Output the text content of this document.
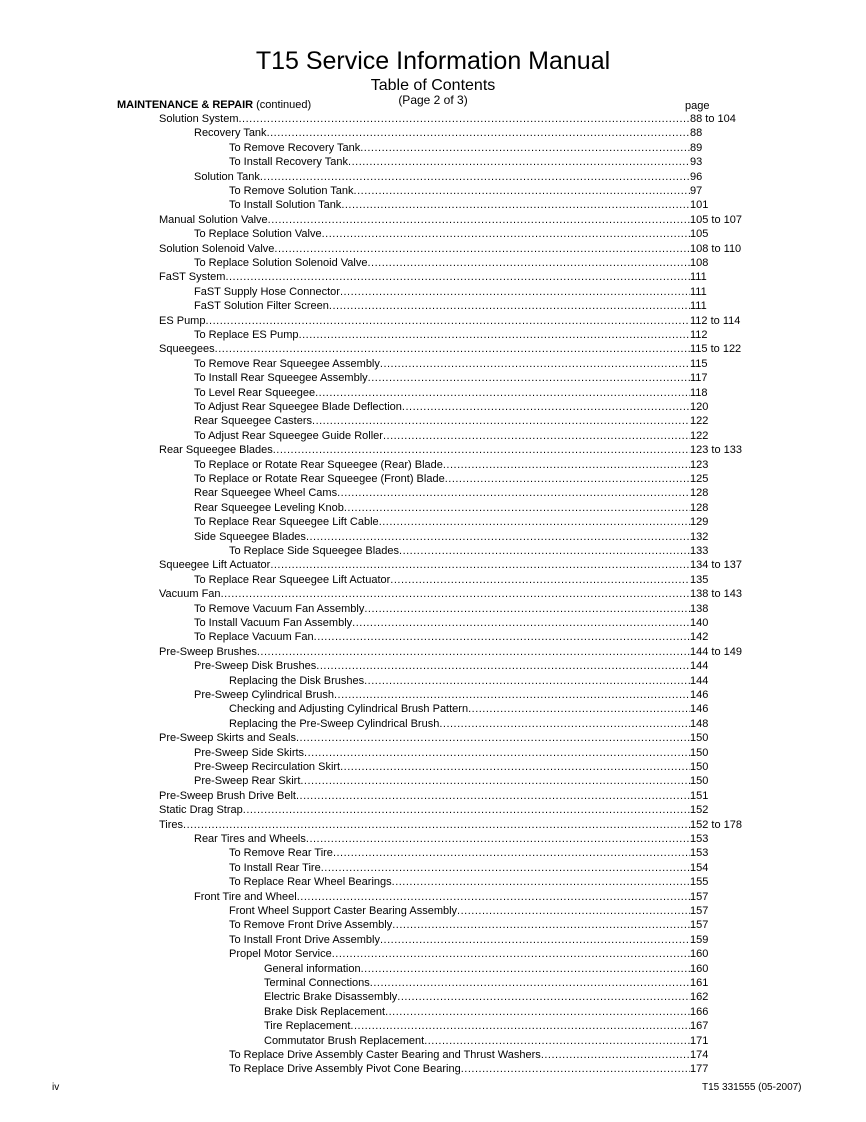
T15 Service Information Manual
Table of Contents
(Page 2 of 3)
MAINTENANCE & REPAIR (continued)	page
Solution System .....	88 to 104
Recovery Tank .....	88
To Remove Recovery Tank .....	89
To Install Recovery Tank .....	93
Solution Tank .....	96
To Remove Solution Tank .....	97
To Install Solution Tank .....	101
Manual Solution Valve .....	105 to 107
To Replace Solution Valve .....	105
Solution Solenoid Valve .....	108 to 110
To Replace Solution Solenoid Valve .....	108
FaST System .....	111
FaST Supply Hose Connector .....	111
FaST Solution Filter Screen .....	111
ES Pump .....	112 to 114
To Replace ES Pump .....	112
Squeegees .....	115 to 122
To Remove Rear Squeegee Assembly .....	115
To Install Rear Squeegee Assembly .....	117
To Level Rear Squeegee .....	118
To Adjust Rear Squeegee Blade Deflection .....	120
Rear Squeegee Casters .....	122
To Adjust Rear Squeegee Guide Roller .....	122
Rear Squeegee Blades .....	123 to 133
To Replace or Rotate Rear Squeegee (Rear) Blade .....	123
To Replace or Rotate Rear Squeegee (Front) Blade .....	125
Rear Squeegee Wheel Cams .....	128
Rear Squeegee Leveling Knob .....	128
To Replace Rear Squeegee Lift Cable .....	129
Side Squeegee Blades .....	132
To Replace Side Squeegee Blades .....	133
Squeegee Lift Actuator .....	134 to 137
To Replace Rear Squeegee Lift Actuator .....	135
Vacuum Fan .....	138 to 143
To Remove Vacuum Fan Assembly .....	138
To Install Vacuum Fan Assembly .....	140
To Replace Vacuum Fan .....	142
Pre-Sweep Brushes .....	144 to 149
Pre-Sweep Disk Brushes .....	144
Replacing the Disk Brushes .....	144
Pre-Sweep Cylindrical Brush .....	146
Checking and Adjusting Cylindrical Brush Pattern .....	146
Replacing the Pre-Sweep Cylindrical Brush .....	148
Pre-Sweep Skirts and Seals .....	150
Pre-Sweep Side Skirts .....	150
Pre-Sweep Recirculation Skirt .....	150
Pre-Sweep Rear Skirt .....	150
Pre-Sweep Brush Drive Belt .....	151
Static Drag Strap .....	152
Tires .....	152 to 178
Rear Tires and Wheels .....	153
To Remove Rear Tire .....	153
To Install Rear Tire .....	154
To Replace Rear Wheel Bearings .....	155
Front Tire and Wheel .....	157
Front Wheel Support Caster Bearing Assembly .....	157
To Remove Front Drive Assembly .....	157
To Install Front Drive Assembly .....	159
Propel Motor Service .....	160
General information .....	160
Terminal Connections .....	161
Electric Brake Disassembly .....	162
Brake Disk Replacement .....	166
Tire Replacement .....	167
Commutator Brush Replacement .....	171
To Replace Drive Assembly Caster Bearing and Thrust Washers .....	174
To Replace Drive Assembly Pivot Cone Bearing .....	177
iv	T15 331555 (05-2007)
